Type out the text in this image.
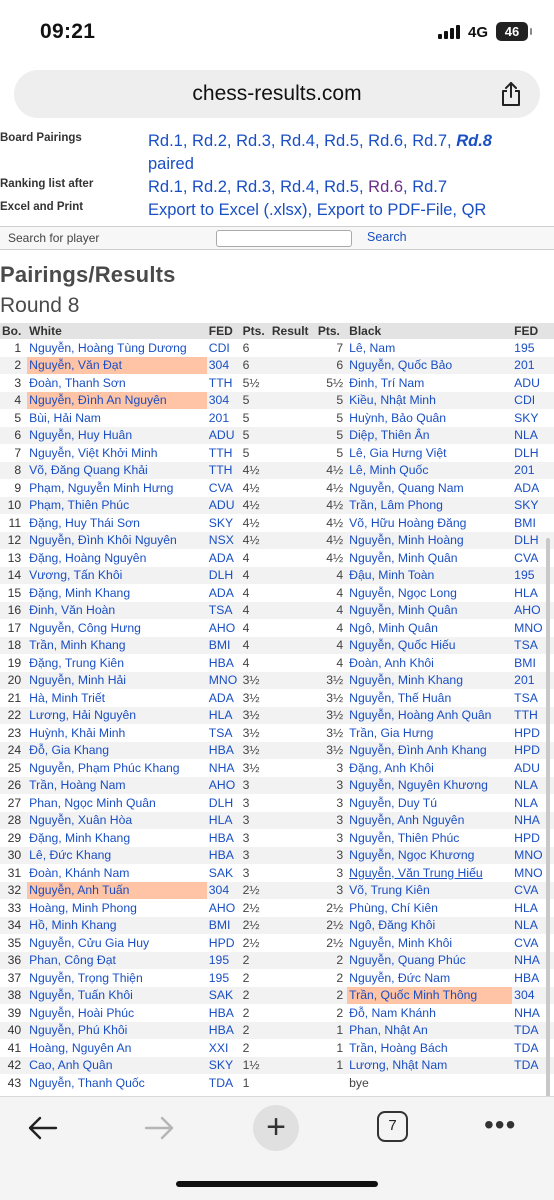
09:21	4G	46
chess-results.com
Board Pairings	Rd.1, Rd.2, Rd.3, Rd.4, Rd.5, Rd.6, Rd.7, Rd.8
paired
Ranking list after	Rd.1, Rd.2, Rd.3, Rd.4, Rd.5, Rd.6, Rd.7
Excel and Print	Export to Excel (.xlsx), Export to PDF-File, QR
Search for player	Search
Pairings/Results
Round 8
Bo.	White	FED	Pts.	Result	Pts.	Black	FED
1	Nguyễn, Hoàng Tùng Dương	CDI	6		7	Lê, Nam	195
2	Nguyễn, Văn Đạt	304	6		6	Nguyễn, Quốc Bảo	201
3	Đoàn, Thanh Sơn	TTH	5½		5½	Đinh, Trí Nam	ADU
4	Nguyễn, Đình An Nguyên	304	5		5	Kiều, Nhật Minh	CDI
5	Bùi, Hải Nam	201	5		5	Huỳnh, Bảo Quân	SKY
6	Nguyễn, Huy Huân	ADU	5		5	Diệp, Thiên Ân	NLA
7	Nguyễn, Việt Khởi Minh	TTH	5		5	Lê, Gia Hưng Việt	DLH
8	Võ, Đăng Quang Khải	TTH	4½		4½	Lê, Minh Quốc	201
9	Phạm, Nguyễn Minh Hưng	CVA	4½		4½	Nguyễn, Quang Nam	ADA
10	Phạm, Thiên Phúc	ADU	4½		4½	Trần, Lâm Phong	SKY
11	Đặng, Huy Thái Sơn	SKY	4½		4½	Võ, Hữu Hoàng Đăng	BMI
12	Nguyễn, Đình Khôi Nguyên	NSX	4½		4½	Nguyễn, Minh Hoàng	DLH
13	Đặng, Hoàng Nguyên	ADA	4		4½	Nguyễn, Minh Quân	CVA
14	Vương, Tấn Khôi	DLH	4		4	Đậu, Minh Toàn	195
15	Đặng, Minh Khang	ADA	4		4	Nguyễn, Ngọc Long	HLA
16	Đinh, Văn Hoàn	TSA	4		4	Nguyễn, Minh Quân	AHO
17	Nguyễn, Công Hưng	AHO	4		4	Ngô, Minh Quân	MNO
18	Trần, Minh Khang	BMI	4		4	Nguyễn, Quốc Hiếu	TSA
19	Đặng, Trung Kiên	HBA	4		4	Đoàn, Anh Khôi	BMI
20	Nguyễn, Minh Hải	MNO	3½		3½	Nguyễn, Minh Khang	201
21	Hà, Minh Triết	ADA	3½		3½	Nguyễn, Thế Huân	TSA
22	Lương, Hải Nguyên	HLA	3½		3½	Nguyễn, Hoàng Anh Quân	TTH
23	Huỳnh, Khải Minh	TSA	3½		3½	Trần, Gia Hưng	HPD
24	Đỗ, Gia Khang	HBA	3½		3½	Nguyễn, Đình Anh Khang	HPD
25	Nguyễn, Phạm Phúc Khang	NHA	3½		3	Đặng, Anh Khôi	ADU
26	Trần, Hoàng Nam	AHO	3		3	Nguyễn, Nguyên Khương	NLA
27	Phan, Ngọc Minh Quân	DLH	3		3	Nguyễn, Duy Tú	NLA
28	Nguyễn, Xuân Hòa	HLA	3		3	Nguyễn, Anh Nguyên	NHA
29	Đặng, Minh Khang	HBA	3		3	Nguyễn, Thiên Phúc	HPD
30	Lê, Đức Khang	HBA	3		3	Nguyễn, Ngọc Khương	MNO
31	Đoàn, Khánh Nam	SAK	3		3	Nguyễn, Văn Trung Hiếu	MNO
32	Nguyễn, Anh Tuấn	304	2½		3	Võ, Trung Kiên	CVA
33	Hoàng, Minh Phong	AHO	2½		2½	Phùng, Chí Kiên	HLA
34	Hồ, Minh Khang	BMI	2½		2½	Ngô, Đăng Khôi	NLA
35	Nguyễn, Cửu Gia Huy	HPD	2½		2½	Nguyễn, Minh Khôi	CVA
36	Phan, Công Đạt	195	2		2	Nguyễn, Quang Phúc	NHA
37	Nguyễn, Trọng Thiện	195	2		2	Nguyễn, Đức Nam	HBA
38	Nguyễn, Tuấn Khôi	SAK	2		2	Trần, Quốc Minh Thông	304
39	Nguyễn, Hoài Phúc	HBA	2		2	Đỗ, Nam Khánh	NHA
40	Nguyễn, Phú Khôi	HBA	2		1	Phan, Nhật An	TDA
41	Hoàng, Nguyên An	XXI	2		1	Trần, Hoàng Bách	TDA
42	Cao, Anh Quân	SKY	1½		1	Lương, Nhật Nam	TDA
43	Nguyễn, Thanh Quốc	TDA	1			bye	
+	7	•••
